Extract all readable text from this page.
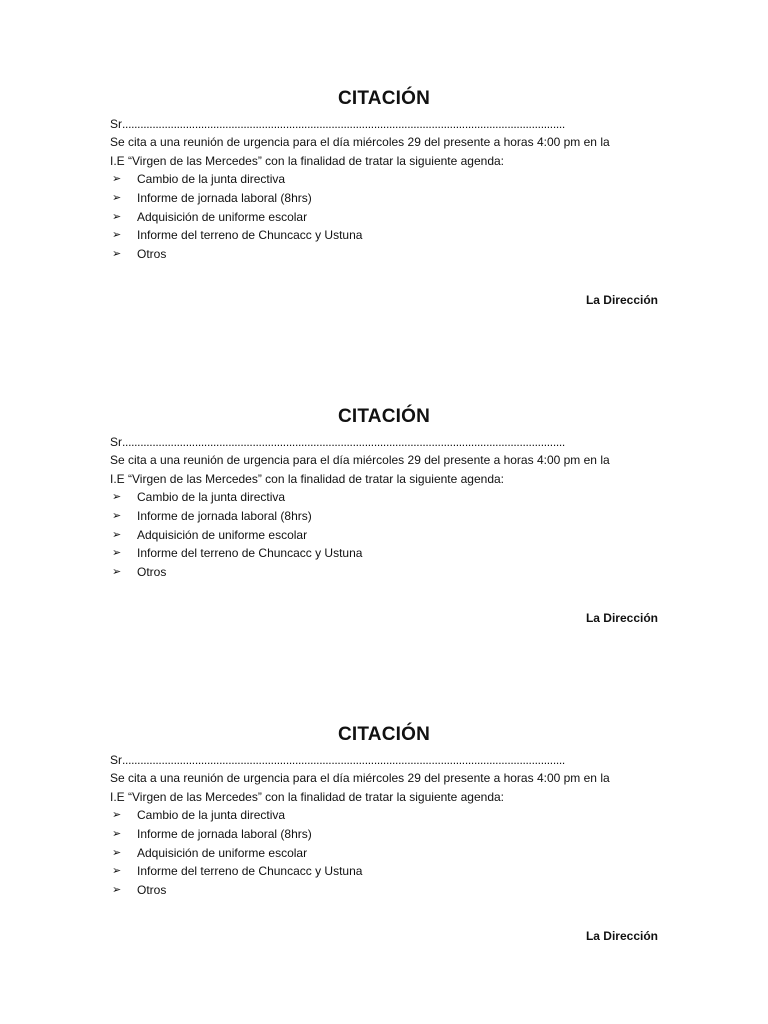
CITACIÓN
Sr..................................................................................................................................................

Se cita a una reunión de urgencia para el día miércoles 29 del presente a horas 4:00 pm en la
I.E “Virgen de las Mercedes” con la finalidad de tratar la siguiente agenda:

➢ Cambio de la junta directiva
➢ Informe de jornada laboral (8hrs)
➢ Adquisición de uniforme escolar
➢ Informe del terreno de Chuncacc y Ustuna
➢ Otros
La Dirección
CITACIÓN
Sr..................................................................................................................................................

Se cita a una reunión de urgencia para el día miércoles 29 del presente a horas 4:00 pm en la
I.E “Virgen de las Mercedes” con la finalidad de tratar la siguiente agenda:

➢ Cambio de la junta directiva
➢ Informe de jornada laboral (8hrs)
➢ Adquisición de uniforme escolar
➢ Informe del terreno de Chuncacc y Ustuna
➢ Otros
La Dirección
CITACIÓN
Sr..................................................................................................................................................

Se cita a una reunión de urgencia para el día miércoles 29 del presente a horas 4:00 pm en la
I.E “Virgen de las Mercedes” con la finalidad de tratar la siguiente agenda:

➢ Cambio de la junta directiva
➢ Informe de jornada laboral (8hrs)
➢ Adquisición de uniforme escolar
➢ Informe del terreno de Chuncacc y Ustuna
➢ Otros
La Dirección
